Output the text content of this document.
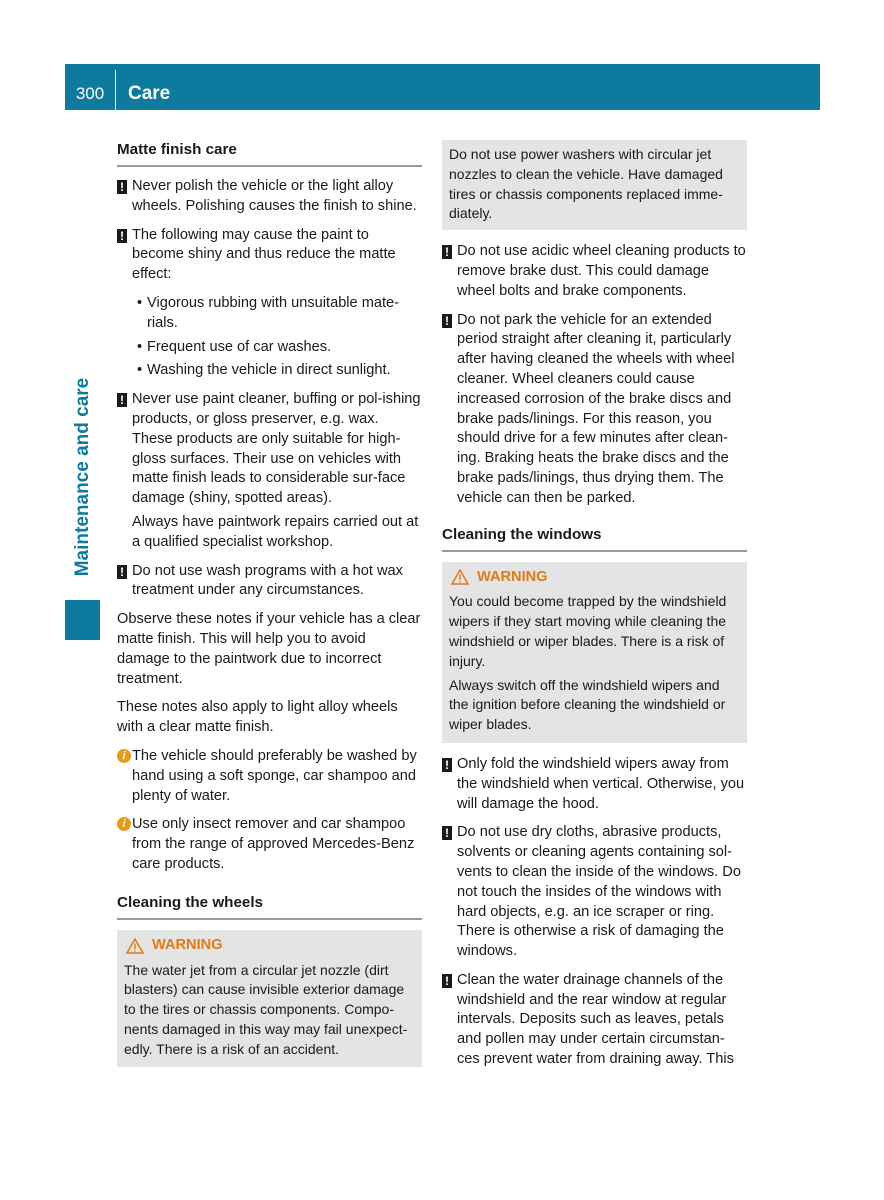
300	Care
Maintenance and care
Matte finish care
! Never polish the vehicle or the light alloy wheels. Polishing causes the finish to shine.
! The following may cause the paint to become shiny and thus reduce the matte effect:
• Vigorous rubbing with unsuitable mate-rials.
• Frequent use of car washes.
• Washing the vehicle in direct sunlight.
! Never use paint cleaner, buffing or pol-ishing products, or gloss preserver, e.g. wax. These products are only suitable for high-gloss surfaces. Their use on vehicles with matte finish leads to considerable sur-face damage (shiny, spotted areas).
Always have paintwork repairs carried out at a qualified specialist workshop.
! Do not use wash programs with a hot wax treatment under any circumstances.

Observe these notes if your vehicle has a clear matte finish. This will help you to avoid damage to the paintwork due to incorrect treatment.

These notes also apply to light alloy wheels with a clear matte finish.

i The vehicle should preferably be washed by hand using a soft sponge, car shampoo and plenty of water.
i Use only insect remover and car shampoo from the range of approved Mercedes-Benz care products.
Cleaning the wheels
WARNING
The water jet from a circular jet nozzle (dirt blasters) can cause invisible exterior damage to the tires or chassis components. Compo-nents damaged in this way may fail unexpect-edly. There is a risk of an accident.
Do not use power washers with circular jet nozzles to clean the vehicle. Have damaged tires or chassis components replaced imme-diately.
! Do not use acidic wheel cleaning products to remove brake dust. This could damage wheel bolts and brake components.
! Do not park the vehicle for an extended period straight after cleaning it, particularly after having cleaned the wheels with wheel cleaner. Wheel cleaners could cause increased corrosion of the brake discs and brake pads/linings. For this reason, you should drive for a few minutes after clean-ing. Braking heats the brake discs and the brake pads/linings, thus drying them. The vehicle can then be parked.
Cleaning the windows
WARNING
You could become trapped by the windshield wipers if they start moving while cleaning the windshield or wiper blades. There is a risk of injury.
Always switch off the windshield wipers and the ignition before cleaning the windshield or wiper blades.
! Only fold the windshield wipers away from the windshield when vertical. Otherwise, you will damage the hood.
! Do not use dry cloths, abrasive products, solvents or cleaning agents containing sol-vents to clean the inside of the windows. Do not touch the insides of the windows with hard objects, e.g. an ice scraper or ring. There is otherwise a risk of damaging the windows.
! Clean the water drainage channels of the windshield and the rear window at regular intervals. Deposits such as leaves, petals and pollen may under certain circumstan-ces prevent water from draining away. This
